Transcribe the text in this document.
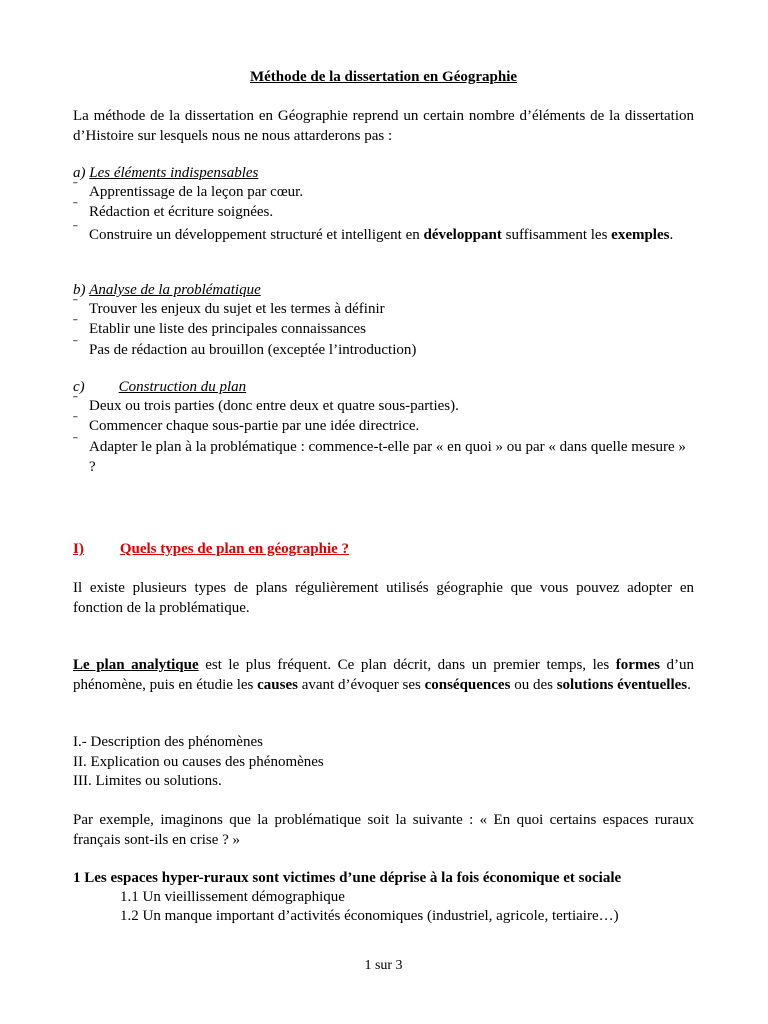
Méthode de la dissertation en Géographie
La méthode de la dissertation en Géographie reprend un certain nombre d’éléments de la dissertation d’Histoire sur lesquels nous ne nous attarderons pas :
a) Les éléments indispensables
ˉ Apprentissage de la leçon par cœur.
ˉ Rédaction et écriture soignées.
ˉ Construire un développement structuré et intelligent en développant suffisamment les exemples.
b) Analyse de la problématique
ˉ Trouver les enjeux du sujet et les termes à définir
ˉ Etablir une liste des principales connaissances
ˉ Pas de rédaction au brouillon (exceptée l’introduction)
c) Construction du plan
ˉ Deux ou trois parties (donc entre deux et quatre sous-parties).
ˉ Commencer chaque sous-partie par une idée directrice.
ˉ Adapter le plan à la problématique : commence-t-elle par « en quoi » ou par « dans quelle mesure » ?
I) Quels types de plan en géographie ?
Il existe plusieurs types de plans régulièrement utilisés géographie que vous pouvez adopter en fonction de la problématique.
Le plan analytique est le plus fréquent. Ce plan décrit, dans un premier temps, les formes d’un phénomène, puis en étudie les causes avant d’évoquer ses conséquences ou des solutions éventuelles.
I.- Description des phénomènes
II. Explication ou causes des phénomènes
III. Limites ou solutions.
Par exemple, imaginons que la problématique soit la suivante : « En quoi certains espaces ruraux français sont-ils en crise ? »
1 Les espaces hyper-ruraux sont victimes d’une déprise à la fois économique et sociale
1.1 Un vieillissement démographique
1.2 Un manque important d’activités économiques (industriel, agricole, tertiaire…)
1 sur 3
